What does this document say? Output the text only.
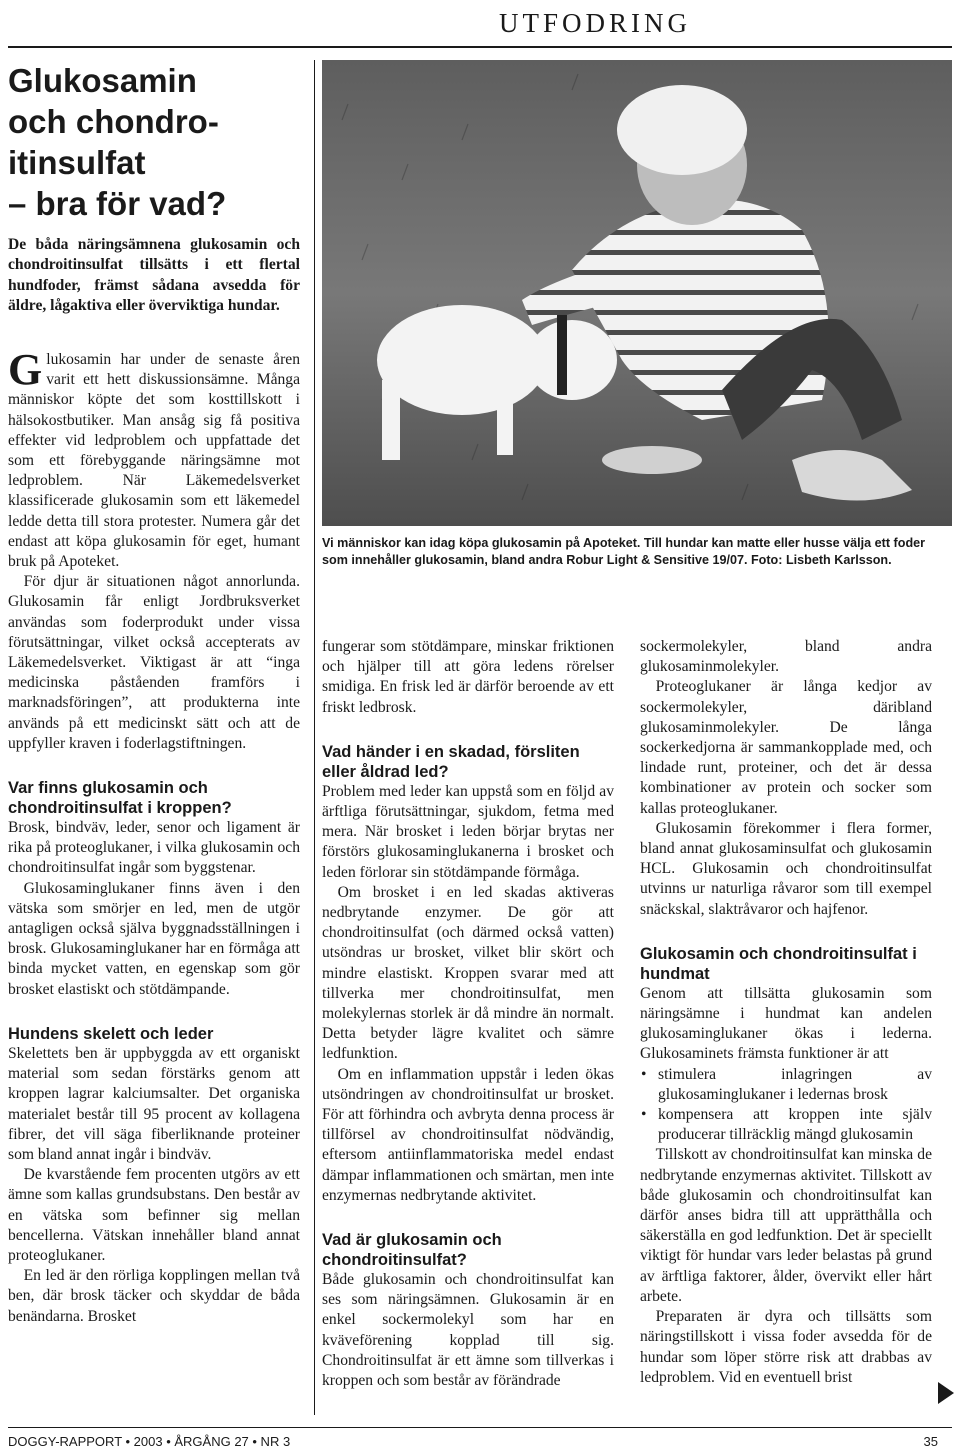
UTFODRING
Glukosamin
och chondro-
itinsulfat
– bra för vad?

De båda näringsämnena glukosamin och chondroitinsulfat tillsätts i ett flertal hundfoder, främst sådana avsedda för äldre, lågaktiva eller överviktiga hundar.

Glukosamin har under de senaste åren varit ett hett diskussionsämne. Många människor köpte det som kosttillskott i hälsokostbutiker. Man ansåg sig få positiva effekter vid ledproblem och uppfattade det som ett förebyggande näringsämne mot ledproblem. När Läkemedelsverket klassificerade glukosamin som ett läkemedel ledde detta till stora protester. Numera går det endast att köpa glukosamin för eget, humant bruk på Apoteket.

För djur är situationen något annorlunda. Glukosamin får enligt Jordbruksverket användas som foderprodukt under vissa förutsättningar, vilket också accepterats av Läkemedelsverket. Viktigast är att “inga medicinska påståenden framförs i marknadsföringen”, att produkterna inte används på ett medicinskt sätt och att de uppfyller kraven i foderlagstiftningen.

Var finns glukosamin och chondroitinsulfat i kroppen?

Brosk, bindväv, leder, senor och ligament är rika på proteoglukaner, i vilka glukosamin och chondroitinsulfat ingår som byggstenar.

Glukosaminglukaner finns även i den vätska som smörjer en led, men de utgör antagligen också själva byggnadsställningen i brosk. Glukosaminglukaner har en förmåga att binda mycket vatten, en egenskap som gör brosket elastiskt och stötdämpande.

Hundens skelett och leder

Skelettets ben är uppbyggda av ett organiskt material som sedan förstärks genom att kroppen lagrar kalciumsalter. Det organiska materialet består till 95 procent av kollagena fibrer, det vill säga fiberliknande proteiner som bland annat ingår i bindväv.

De kvarstående fem procenten utgörs av ett ämne som kallas grundsubstans. Den består av en vätska som befinner sig mellan bencellerna. Vätskan innehåller bland annat proteoglukaner.

En led är den rörliga kopplingen mellan två ben, där brosk täcker och skyddar de båda benändarna. Brosket

Vi människor kan idag köpa glukosamin på Apoteket. Till hundar kan matte eller husse välja ett foder som innehåller glukosamin, bland andra Robur Light & Sensitive 19/07. Foto: Lisbeth Karlsson.

fungerar som stötdämpare, minskar friktionen och hjälper till att göra ledens rörelser smidiga. En frisk led är därför beroende av ett friskt ledbrosk.

Vad händer i en skadad, försliten eller åldrad led?

Problem med leder kan uppstå som en följd av ärftliga förutsättningar, sjukdom, fetma med mera. När brosket i leden börjar brytas ner förstörs glukosaminglukanerna i brosket och leden förlorar sin stötdämpande förmåga.

Om brosket i en led skadas aktiveras nedbrytande enzymer. De gör att chondroitinsulfat (och därmed också vatten) utsöndras ur brosket, vilket blir skört och mindre elastiskt. Kroppen svarar med att tillverka mer chondroitinsulfat, men molekylernas storlek är då mindre än normalt. Detta betyder lägre kvalitet och sämre ledfunktion.

Om en inflammation uppstår i leden ökas utsöndringen av chondroitinsulfat ur brosket. För att förhindra och avbryta denna process är tillförsel av chondroitinsulfat nödvändig, eftersom antiinflammatoriska medel endast dämpar inflammationen och smärtan, men inte enzymernas nedbrytande aktivitet.

Vad är glukosamin och chondroitinsulfat?

Både glukosamin och chondroitinsulfat kan ses som näringsämnen. Glukosamin är en enkel sockermolekyl som har en kväveförening kopplad till sig. Chondroitinsulfat är ett ämne som tillverkas i kroppen och som består av förändrade

sockermolekyler, bland andra glukosaminmolekyler.

Proteoglukaner är långa kedjor av sockermolekyler, däribland glukosaminmolekyler. De långa sockerkedjorna är sammankopplade med, och lindade runt, proteiner, och det är dessa kombinationer av protein och socker som kallas proteoglukaner.

Glukosamin förekommer i flera former, bland annat glukosaminsulfat och glukosamin HCL. Glukosamin och chondroitinsulfat utvinns ur naturliga råvaror som till exempel snäckskal, slaktråvaror och hajfenor.

Glukosamin och chondroitinsulfat i hundmat

Genom att tillsätta glukosamin som näringsämne i hundmat kan andelen glukosaminglukaner ökas i lederna. Glukosaminets främsta funktioner är att

• stimulera inlagringen av glukosaminglukaner i ledernas brosk
• kompensera att kroppen inte själv producerar tillräcklig mängd glukosamin

Tillskott av chondroitinsulfat kan minska de nedbrytande enzymernas aktivitet. Tillskott av både glukosamin och chondroitinsulfat kan därför anses bidra till att upprätthålla och säkerställa en god ledfunktion. Det är speciellt viktigt för hundar vars leder belastas på grund av ärftliga faktorer, ålder, övervikt eller hårt arbete.

Preparaten är dyra och tillsätts som näringstillskott i vissa foder avsedda för de hundar som löper större risk att drabbas av ledproblem. Vid en eventuell brist

DOGGY-RAPPORT • 2003 • ÅRGÅNG 27 • NR 3	35
